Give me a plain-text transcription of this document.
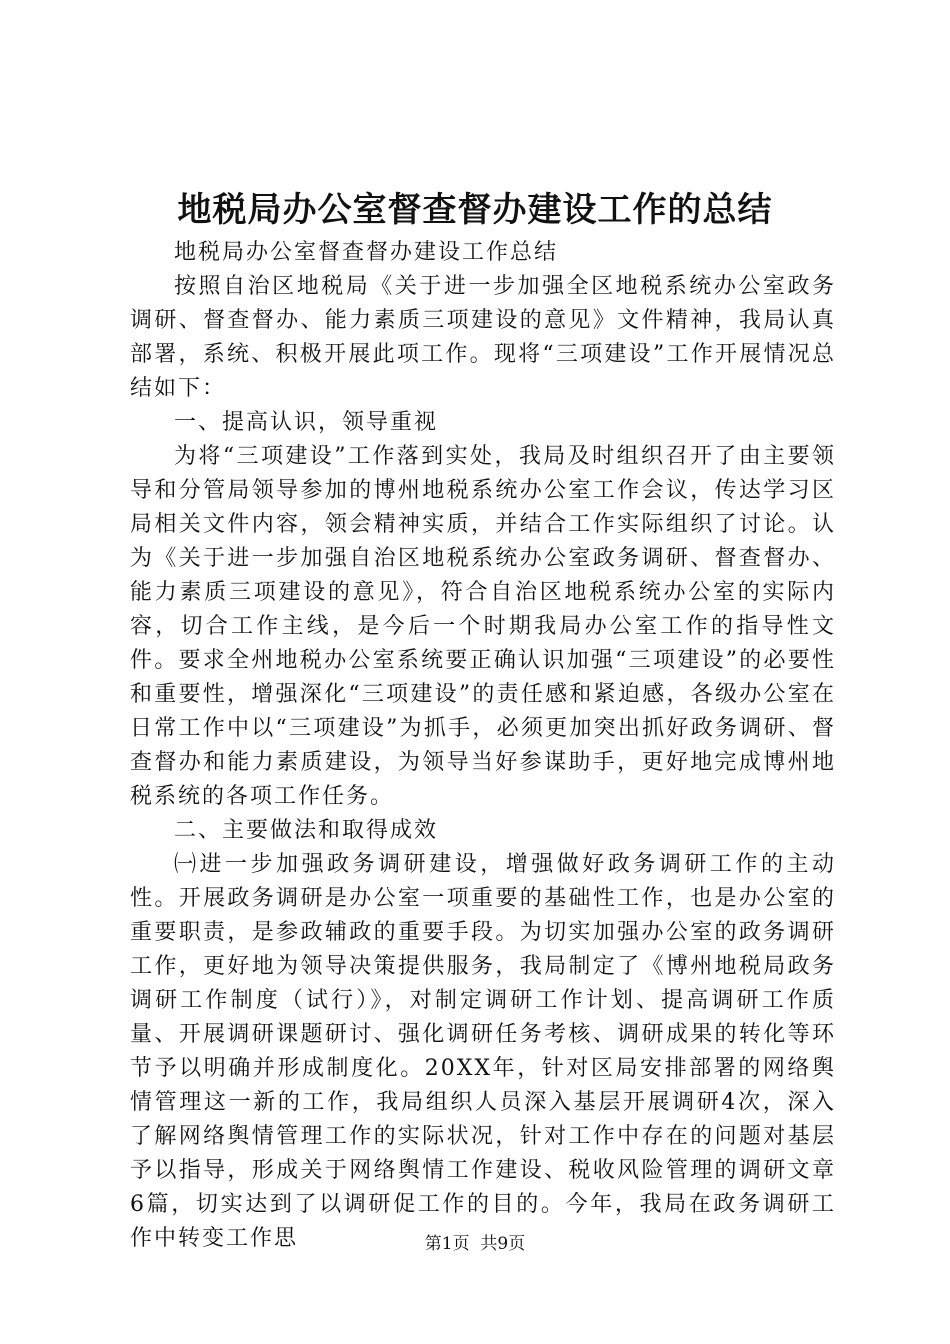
地税局办公室督查督办建设工作的总结

地税局办公室督查督办建设工作总结

按照自治区地税局《关于进一步加强全区地税系统办公室政务调研、督查督办、能力素质三项建设的意见》文件精神，我局认真部署，系统、积极开展此项工作。现将“三项建设”工作开展情况总结如下：

一、提高认识，领导重视

为将“三项建设”工作落到实处，我局及时组织召开了由主要领导和分管局领导参加的博州地税系统办公室工作会议，传达学习区局相关文件内容，领会精神实质，并结合工作实际组织了讨论。认为《关于进一步加强自治区地税系统办公室政务调研、督查督办、能力素质三项建设的意见》，符合自治区地税系统办公室的实际内容，切合工作主线，是今后一个时期我局办公室工作的指导性文件。要求全州地税办公室系统要正确认识加强“三项建设”的必要性和重要性，增强深化“三项建设”的责任感和紧迫感，各级办公室在日常工作中以“三项建设”为抓手，必须更加突出抓好政务调研、督查督办和能力素质建设，为领导当好参谋助手，更好地完成博州地税系统的各项工作任务。

二、主要做法和取得成效

㈠进一步加强政务调研建设，增强做好政务调研工作的主动性。开展政务调研是办公室一项重要的基础性工作，也是办公室的重要职责，是参政辅政的重要手段。为切实加强办公室的政务调研工作，更好地为领导决策提供服务，我局制定了《博州地税局政务调研工作制度（试行）》，对制定调研工作计划、提高调研工作质量、开展调研课题研讨、强化调研任务考核、调研成果的转化等环节予以明确并形成制度化。20XX年，针对区局安排部署的网络舆情管理这一新的工作，我局组织人员深入基层开展调研4次，深入了解网络舆情管理工作的实际状况，针对工作中存在的问题对基层予以指导，形成关于网络舆情工作建设、税收风险管理的调研文章6篇，切实达到了以调研促工作的目的。今年，我局在政务调研工作中转变工作思	第1页  共9页
